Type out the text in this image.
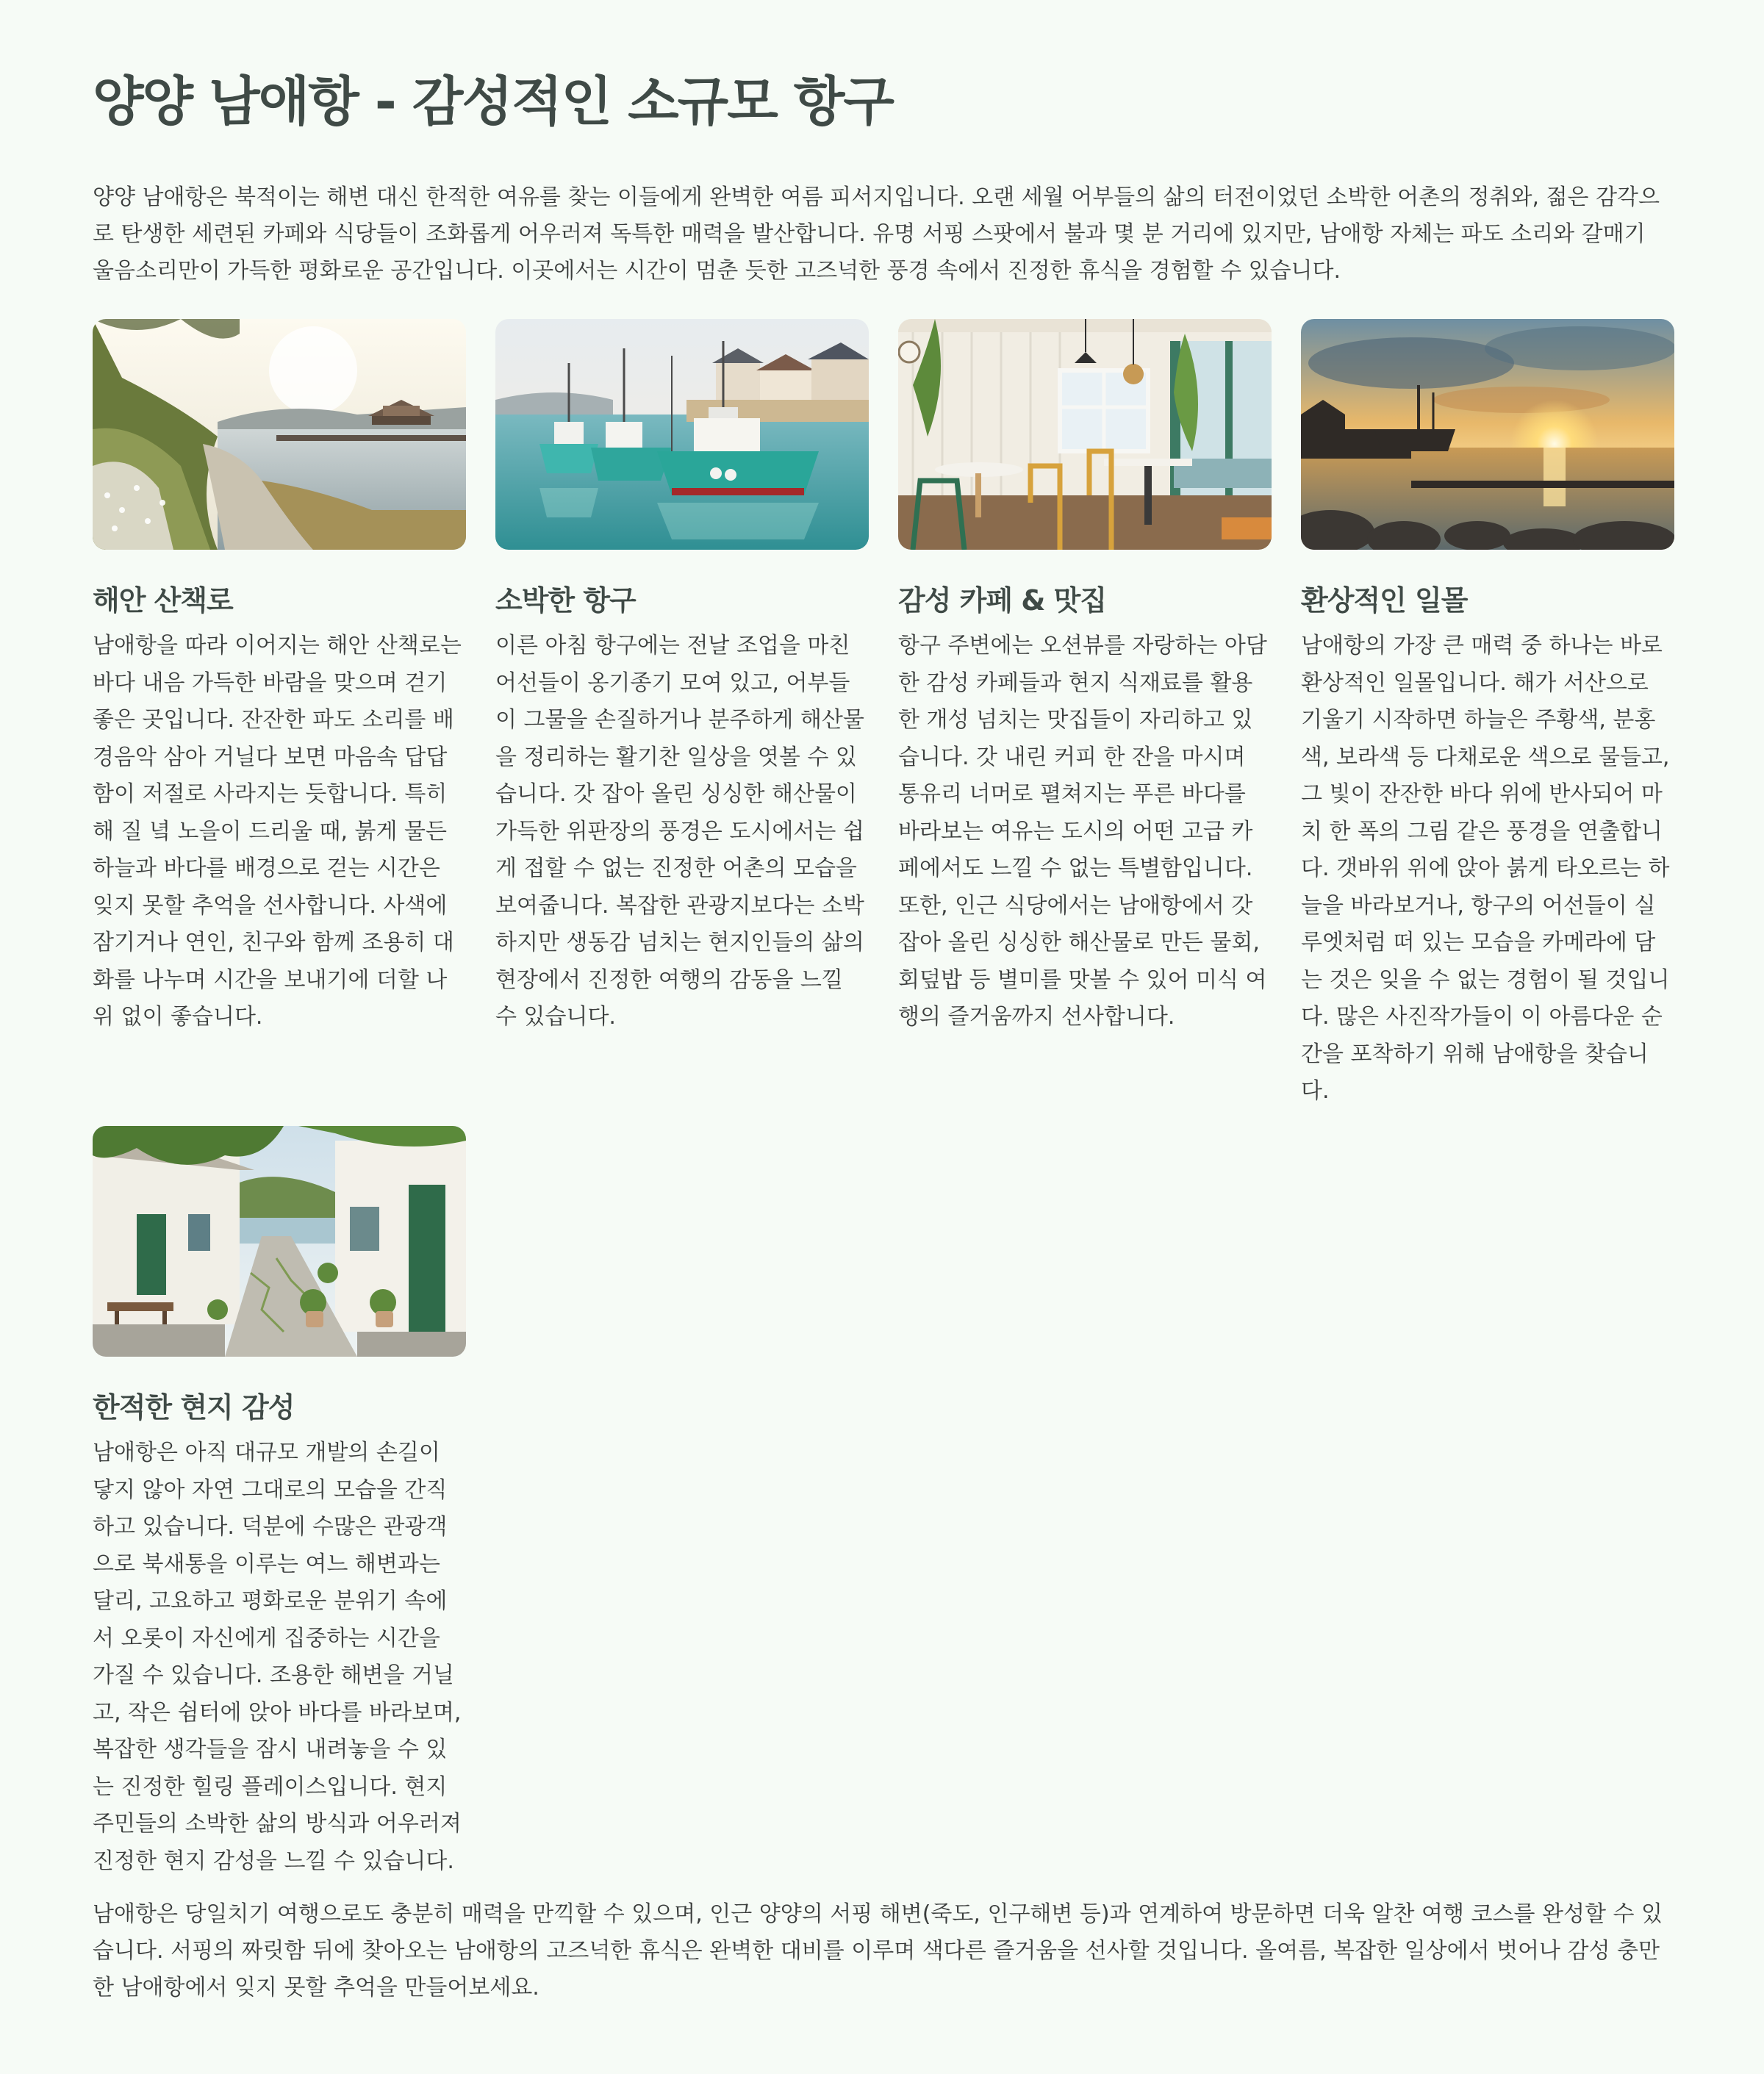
양양 남애항 - 감성적인 소규모 항구

양양 남애항은 북적이는 해변 대신 한적한 여유를 찾는 이들에게 완벽한 여름 피서지입니다. 오랜 세월 어부들의 삶의 터전이었던 소박한 어촌의 정취와, 젊은 감각으로 탄생한 세련된 카페와 식당들이 조화롭게 어우러져 독특한 매력을 발산합니다. 유명 서핑 스팟에서 불과 몇 분 거리에 있지만, 남애항 자체는 파도 소리와 갈매기 울음소리만이 가득한 평화로운 공간입니다. 이곳에서는 시간이 멈춘 듯한 고즈넉한 풍경 속에서 진정한 휴식을 경험할 수 있습니다.

해안 산책로

남애항을 따라 이어지는 해안 산책로는 바다 내음 가득한 바람을 맞으며 걷기 좋은 곳입니다. 잔잔한 파도 소리를 배경음악 삼아 거닐다 보면 마음속 답답함이 저절로 사라지는 듯합니다. 특히 해 질 녘 노을이 드리울 때, 붉게 물든 하늘과 바다를 배경으로 걷는 시간은 잊지 못할 추억을 선사합니다. 사색에 잠기거나 연인, 친구와 함께 조용히 대화를 나누며 시간을 보내기에 더할 나위 없이 좋습니다.

소박한 항구

이른 아침 항구에는 전날 조업을 마친 어선들이 옹기종기 모여 있고, 어부들이 그물을 손질하거나 분주하게 해산물을 정리하는 활기찬 일상을 엿볼 수 있습니다. 갓 잡아 올린 싱싱한 해산물이 가득한 위판장의 풍경은 도시에서는 쉽게 접할 수 없는 진정한 어촌의 모습을 보여줍니다. 복잡한 관광지보다는 소박하지만 생동감 넘치는 현지인들의 삶의 현장에서 진정한 여행의 감동을 느낄 수 있습니다.

감성 카페 & 맛집

항구 주변에는 오션뷰를 자랑하는 아담한 감성 카페들과 현지 식재료를 활용한 개성 넘치는 맛집들이 자리하고 있습니다. 갓 내린 커피 한 잔을 마시며 통유리 너머로 펼쳐지는 푸른 바다를 바라보는 여유는 도시의 어떤 고급 카페에서도 느낄 수 없는 특별함입니다. 또한, 인근 식당에서는 남애항에서 갓 잡아 올린 싱싱한 해산물로 만든 물회, 회덮밥 등 별미를 맛볼 수 있어 미식 여행의 즐거움까지 선사합니다.

환상적인 일몰

남애항의 가장 큰 매력 중 하나는 바로 환상적인 일몰입니다. 해가 서산으로 기울기 시작하면 하늘은 주황색, 분홍색, 보라색 등 다채로운 색으로 물들고, 그 빛이 잔잔한 바다 위에 반사되어 마치 한 폭의 그림 같은 풍경을 연출합니다. 갯바위 위에 앉아 붉게 타오르는 하늘을 바라보거나, 항구의 어선들이 실루엣처럼 떠 있는 모습을 카메라에 담는 것은 잊을 수 없는 경험이 될 것입니다. 많은 사진작가들이 이 아름다운 순간을 포착하기 위해 남애항을 찾습니다.

한적한 현지 감성

남애항은 아직 대규모 개발의 손길이 닿지 않아 자연 그대로의 모습을 간직하고 있습니다. 덕분에 수많은 관광객으로 북새통을 이루는 여느 해변과는 달리, 고요하고 평화로운 분위기 속에서 오롯이 자신에게 집중하는 시간을 가질 수 있습니다. 조용한 해변을 거닐고, 작은 쉼터에 앉아 바다를 바라보며, 복잡한 생각들을 잠시 내려놓을 수 있는 진정한 힐링 플레이스입니다. 현지 주민들의 소박한 삶의 방식과 어우러져 진정한 현지 감성을 느낄 수 있습니다.

남애항은 당일치기 여행으로도 충분히 매력을 만끽할 수 있으며, 인근 양양의 서핑 해변(죽도, 인구해변 등)과 연계하여 방문하면 더욱 알찬 여행 코스를 완성할 수 있습니다. 서핑의 짜릿함 뒤에 찾아오는 남애항의 고즈넉한 휴식은 완벽한 대비를 이루며 색다른 즐거움을 선사할 것입니다. 올여름, 복잡한 일상에서 벗어나 감성 충만한 남애항에서 잊지 못할 추억을 만들어보세요.
